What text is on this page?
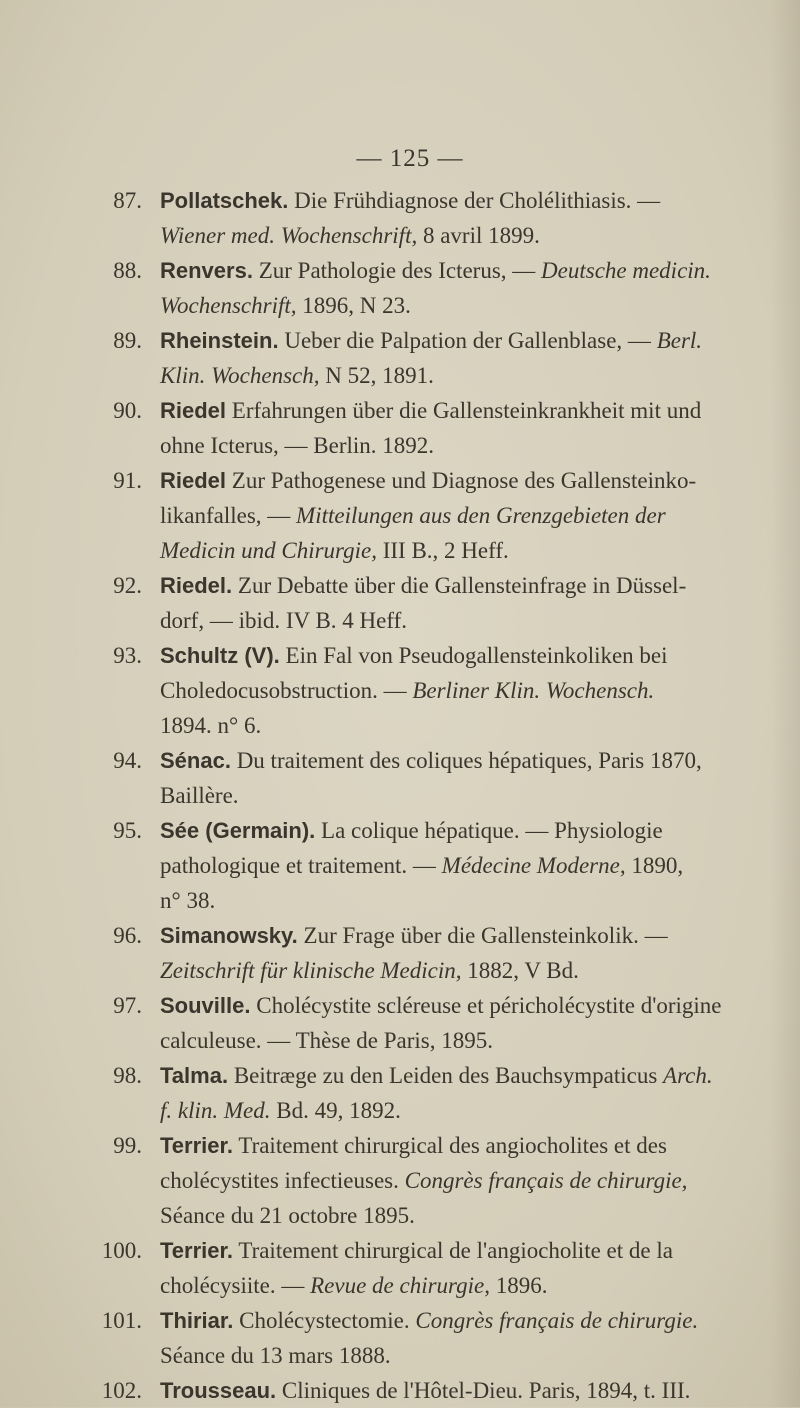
— 125 —

87. Pollatschek. Die Frühdiagnose der Cholélithiasis. —
Wiener med. Wochenschrift, 8 avril 1899.

88. Renvers. Zur Pathologie des Icterus, — Deutsche medicin.
Wochenschrift, 1896, N 23.

89. Rheinstein. Ueber die Palpation der Gallenblase, — Berl.
Klin. Wochensch, N 52, 1891.

90. Riedel Erfahrungen über die Gallensteinkrankheit mit und
ohne Icterus, — Berlin. 1892.

91. Riedel Zur Pathogenese und Diagnose des Gallensteinko-
likanfalles, — Mitteilungen aus den Grenzgebieten der
Medicin und Chirurgie, III B., 2 Heff.

92. Riedel. Zur Debatte über die Gallensteinfrage in Düssel-
dorf, — ibid. IV B. 4 Heff.

93. Schultz (V). Ein Fal von Pseudogallensteinkoliken bei
Choledocusobstruction. — Berliner Klin. Wochensch.
1894. n° 6.

94. Sénac. Du traitement des coliques hépatiques, Paris 1870,
Baillère.

95. Sée (Germain). La colique hépatique. — Physiologie
pathologique et traitement. — Médecine Moderne, 1890,
n° 38.

96. Simanowsky. Zur Frage über die Gallensteinkolik. —
Zeitschrift für klinische Medicin, 1882, V Bd.

97. Souville. Cholécystite scléreuse et péricholécystite d'origine
calculeuse. — Thèse de Paris, 1895.

98. Talma. Beitræge zu den Leiden des Bauchsympaticus Arch.
f. klin. Med. Bd. 49, 1892.

99. Terrier. Traitement chirurgical des angiocholites et des
cholécystites infectieuses. Congrès français de chirurgie,
Séance du 21 octobre 1895.

100. Terrier. Traitement chirurgical de l'angiocholite et de la
cholécysiite. — Revue de chirurgie, 1896.

101. Thiriar. Cholécystectomie. Congrès français de chirurgie.
Séance du 13 mars 1888.

102. Trousseau. Cliniques de l'Hôtel-Dieu. Paris, 1894, t. III.
